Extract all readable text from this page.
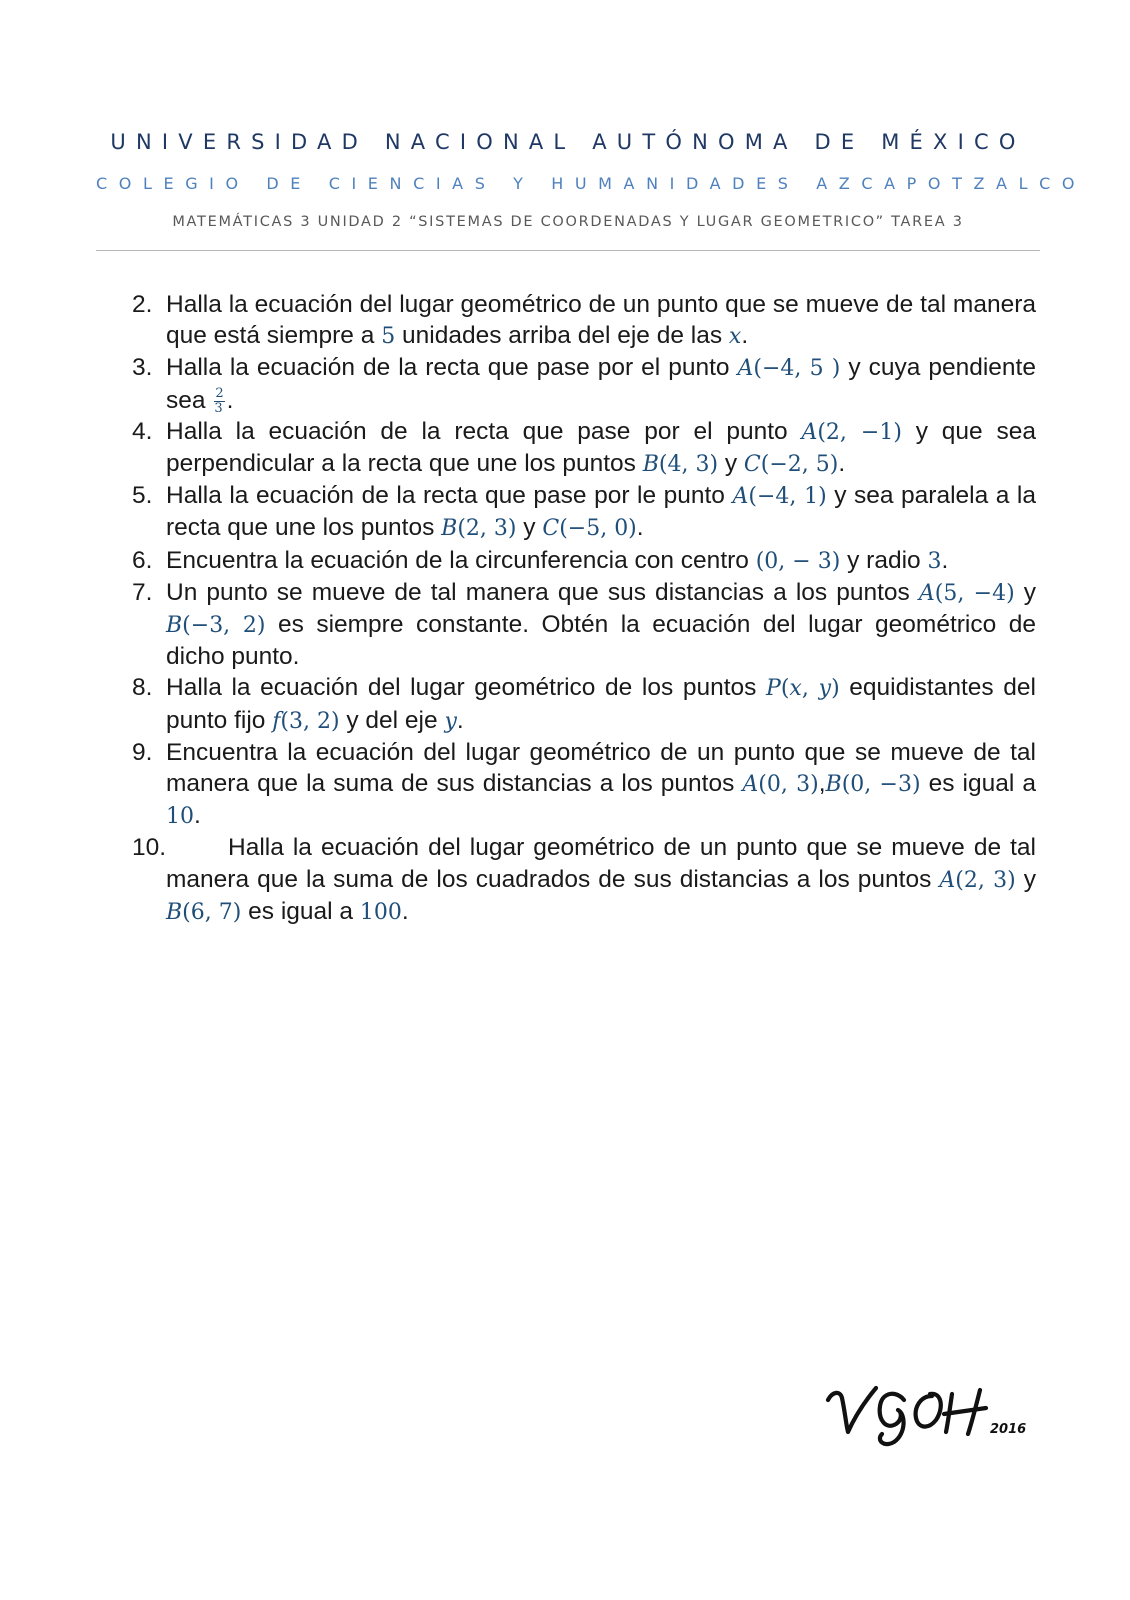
UNIVERSIDAD NACIONAL AUTÓNOMA DE MÉXICO
COLEGIO DE CIENCIAS Y HUMANIDADES AZCAPOTZALCO
MATEMÁTICAS 3 UNIDAD 2 “SISTEMAS DE COORDENADAS Y LUGAR GEOMETRICO” TAREA 3
2. Halla la ecuación del lugar geométrico de un punto que se mueve de tal manera que está siempre a 5 unidades arriba del eje de las x.
3. Halla la ecuación de la recta que pase por el punto A(−4, 5 ) y cuya pendiente sea $\frac{2}{3}$ .
4. Halla la ecuación de la recta que pase por el punto A(2, −1) y que sea perpendicular a la recta que une los puntos B(4, 3) y C(−2, 5).
5. Halla la ecuación de la recta que pase por le punto A(−4, 1) y sea paralela a la recta que une los puntos B(2, 3) y C(−5, 0).
6. Encuentra la ecuación de la circunferencia con centro (0, − 3) y radio 3.
7. Un punto se mueve de tal manera que sus distancias a los puntos A(5, −4) y B(−3, 2) es siempre constante. Obtén la ecuación del lugar geométrico de dicho punto.
8. Halla la ecuación del lugar geométrico de los puntos P(x, y) equidistantes del punto fijo f(3, 2) y del eje y.
9. Encuentra la ecuación del lugar geométrico de un punto que se mueve de tal manera que la suma de sus distancias a los puntos A(0, 3),B(0, −3) es igual a 10.
10.	Halla la ecuación del lugar geométrico de un punto que se mueve de tal manera que la suma de los cuadrados de sus distancias a los puntos A(2, 3) y B(6, 7) es igual a 100.
2016
